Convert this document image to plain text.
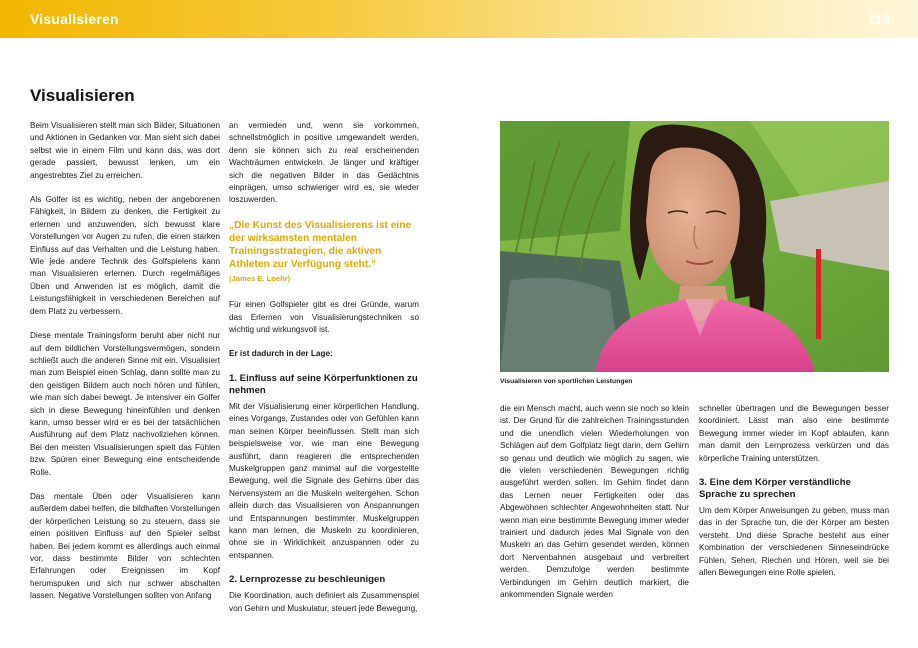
Visualisieren	119
Visualisieren

Beim Visualisieren stellt man sich Bilder, Situationen und Aktionen in Gedanken vor. Man sieht sich dabei selbst wie in einem Film und kann das, was dort gerade passiert, bewusst lenken, um ein angestrebtes Ziel zu erreichen.

Als Golfer ist es wichtig, neben der angeborenen Fähigkeit, in Bildern zu denken, die Fertigkeit zu erlernen und anzuwenden, sich bewusst klare Vorstellungen vor Augen zu rufen, die einen starken Einfluss auf das Verhalten und die Leistung haben. Wie jede andere Technik des Golfspielens kann man Visualisieren erlernen. Durch regelmäßiges Üben und Anwenden ist es möglich, damit die Leistungsfähigkeit in verschiedenen Bereichen auf dem Platz zu verbessern.

Diese mentale Trainingsform beruht aber nicht nur auf dem bildlichen Vorstellungsvermögen, sondern schließt auch die anderen Sinne mit ein. Visualisiert man zum Beispiel einen Schlag, dann sollte man zu den geistigen Bildern auch noch hören und fühlen, wie man sich dabei bewegt. Je intensiver ein Golfer sich in diese Bewegung hineinfühlen und denken kann, umso besser wird er es bei der tatsächlichen Ausführung auf dem Platz nachvollziehen können. Bei den meisten Visualisierungen spielt das Fühlen bzw. Spüren einer Bewegung eine entscheidende Rolle.

Das mentale Üben oder Visualisieren kann außerdem dabei helfen, die bildhaften Vorstellungen der körperlichen Leistung so zu steuern, dass sie einen positiven Einfluss auf den Spieler selbst haben. Bei jedem kommt es allerdings auch einmal vor, dass bestimmte Bilder von schlechten Erfahrungen oder Ereignissen im Kopf herumspuken und sich nur schwer abschalten lassen. Negative Vorstellungen sollten von Anfang

an vermieden und, wenn sie vorkommen, schnellstmöglich in positive umgewandelt werden, denn sie können sich zu real erscheinenden Wachträumen entwickeln. Je länger und kräftiger sich die negativen Bilder in das Gedächtnis einprägen, umso schwieriger wird es, sie wieder loszuwerden.

„Die Kunst des Visualisierens ist eine der wirksamsten mentalen Trainingsstrategien, die aktiven Athleten zur Verfügung steht.“
(James E. Loehr)

Für einen Golfspieler gibt es drei Gründe, warum das Erlernen von Visualisierungstechniken so wichtig und wirkungsvoll ist.

Er ist dadurch in der Lage:

1. Einfluss auf seine Körperfunktionen zu nehmen

Mit der Visualisierung einer körperlichen Handlung, eines Vorgangs, Zustandes oder von Gefühlen kann man seinen Körper beeinflussen. Stellt man sich beispielsweise vor, wie man eine Bewegung ausführt, dann reagieren die entsprechenden Muskelgruppen ganz minimal auf die vorgestellte Bewegung, weil die Signale des Gehirns über das Nervensystem an die Muskeln weitergehen. Schon allein durch das Visualisieren von Anspannungen und Entspannungen bestimmter Muskelgruppen kann man lernen, die Muskeln zu koordinieren, ohne sie in Wirklichkeit anzuspannen oder zu entspannen.

2. Lernprozesse zu beschleunigen

Die Koordination, auch definiert als Zusammenspiel von Gehirn und Muskulatur, steuert jede Bewegung,

Visualisieren von sportlichen Leistungen

die ein Mensch macht, auch wenn sie noch so klein ist. Der Grund für die zahlreichen Trainingsstunden und die unendlich vielen Wiederholungen von Schlägen auf dem Golfplatz liegt darin, dem Gehirn so genau und deutlich wie möglich zu sagen, wie die vielen verschiedenen Bewegungen richtig ausgeführt werden sollen. Im Gehirn findet dann das Lernen neuer Fertigkeiten oder das Abgewöhnen schlechter Angewohnheiten statt. Nur wenn man eine bestimmte Bewegung immer wieder trainiert und dadurch jedes Mal Signale von den Muskeln an das Gehirn gesendet werden, können dort Nervenbahnen ausgebaut und verbreitert werden. Demzufolge werden bestimmte Verbindungen im Gehirn deutlich markiert, die ankommenden Signale werden

schneller übertragen und die Bewegungen besser koordiniert. Lässt man also eine bestimmte Bewegung immer wieder im Kopf ablaufen, kann man damit den Lernprozess verkürzen und das körperliche Training unterstützen.

3. Eine dem Körper verständliche Sprache zu sprechen

Um dem Körper Anweisungen zu geben, muss man das in der Sprache tun, die der Körper am besten versteht. Und diese Sprache besteht aus einer Kombination der verschiedenen Sinneseindrücke Fühlen, Sehen, Riechen und Hören, weil sie bei allen Bewegungen eine Rolle spielen.
